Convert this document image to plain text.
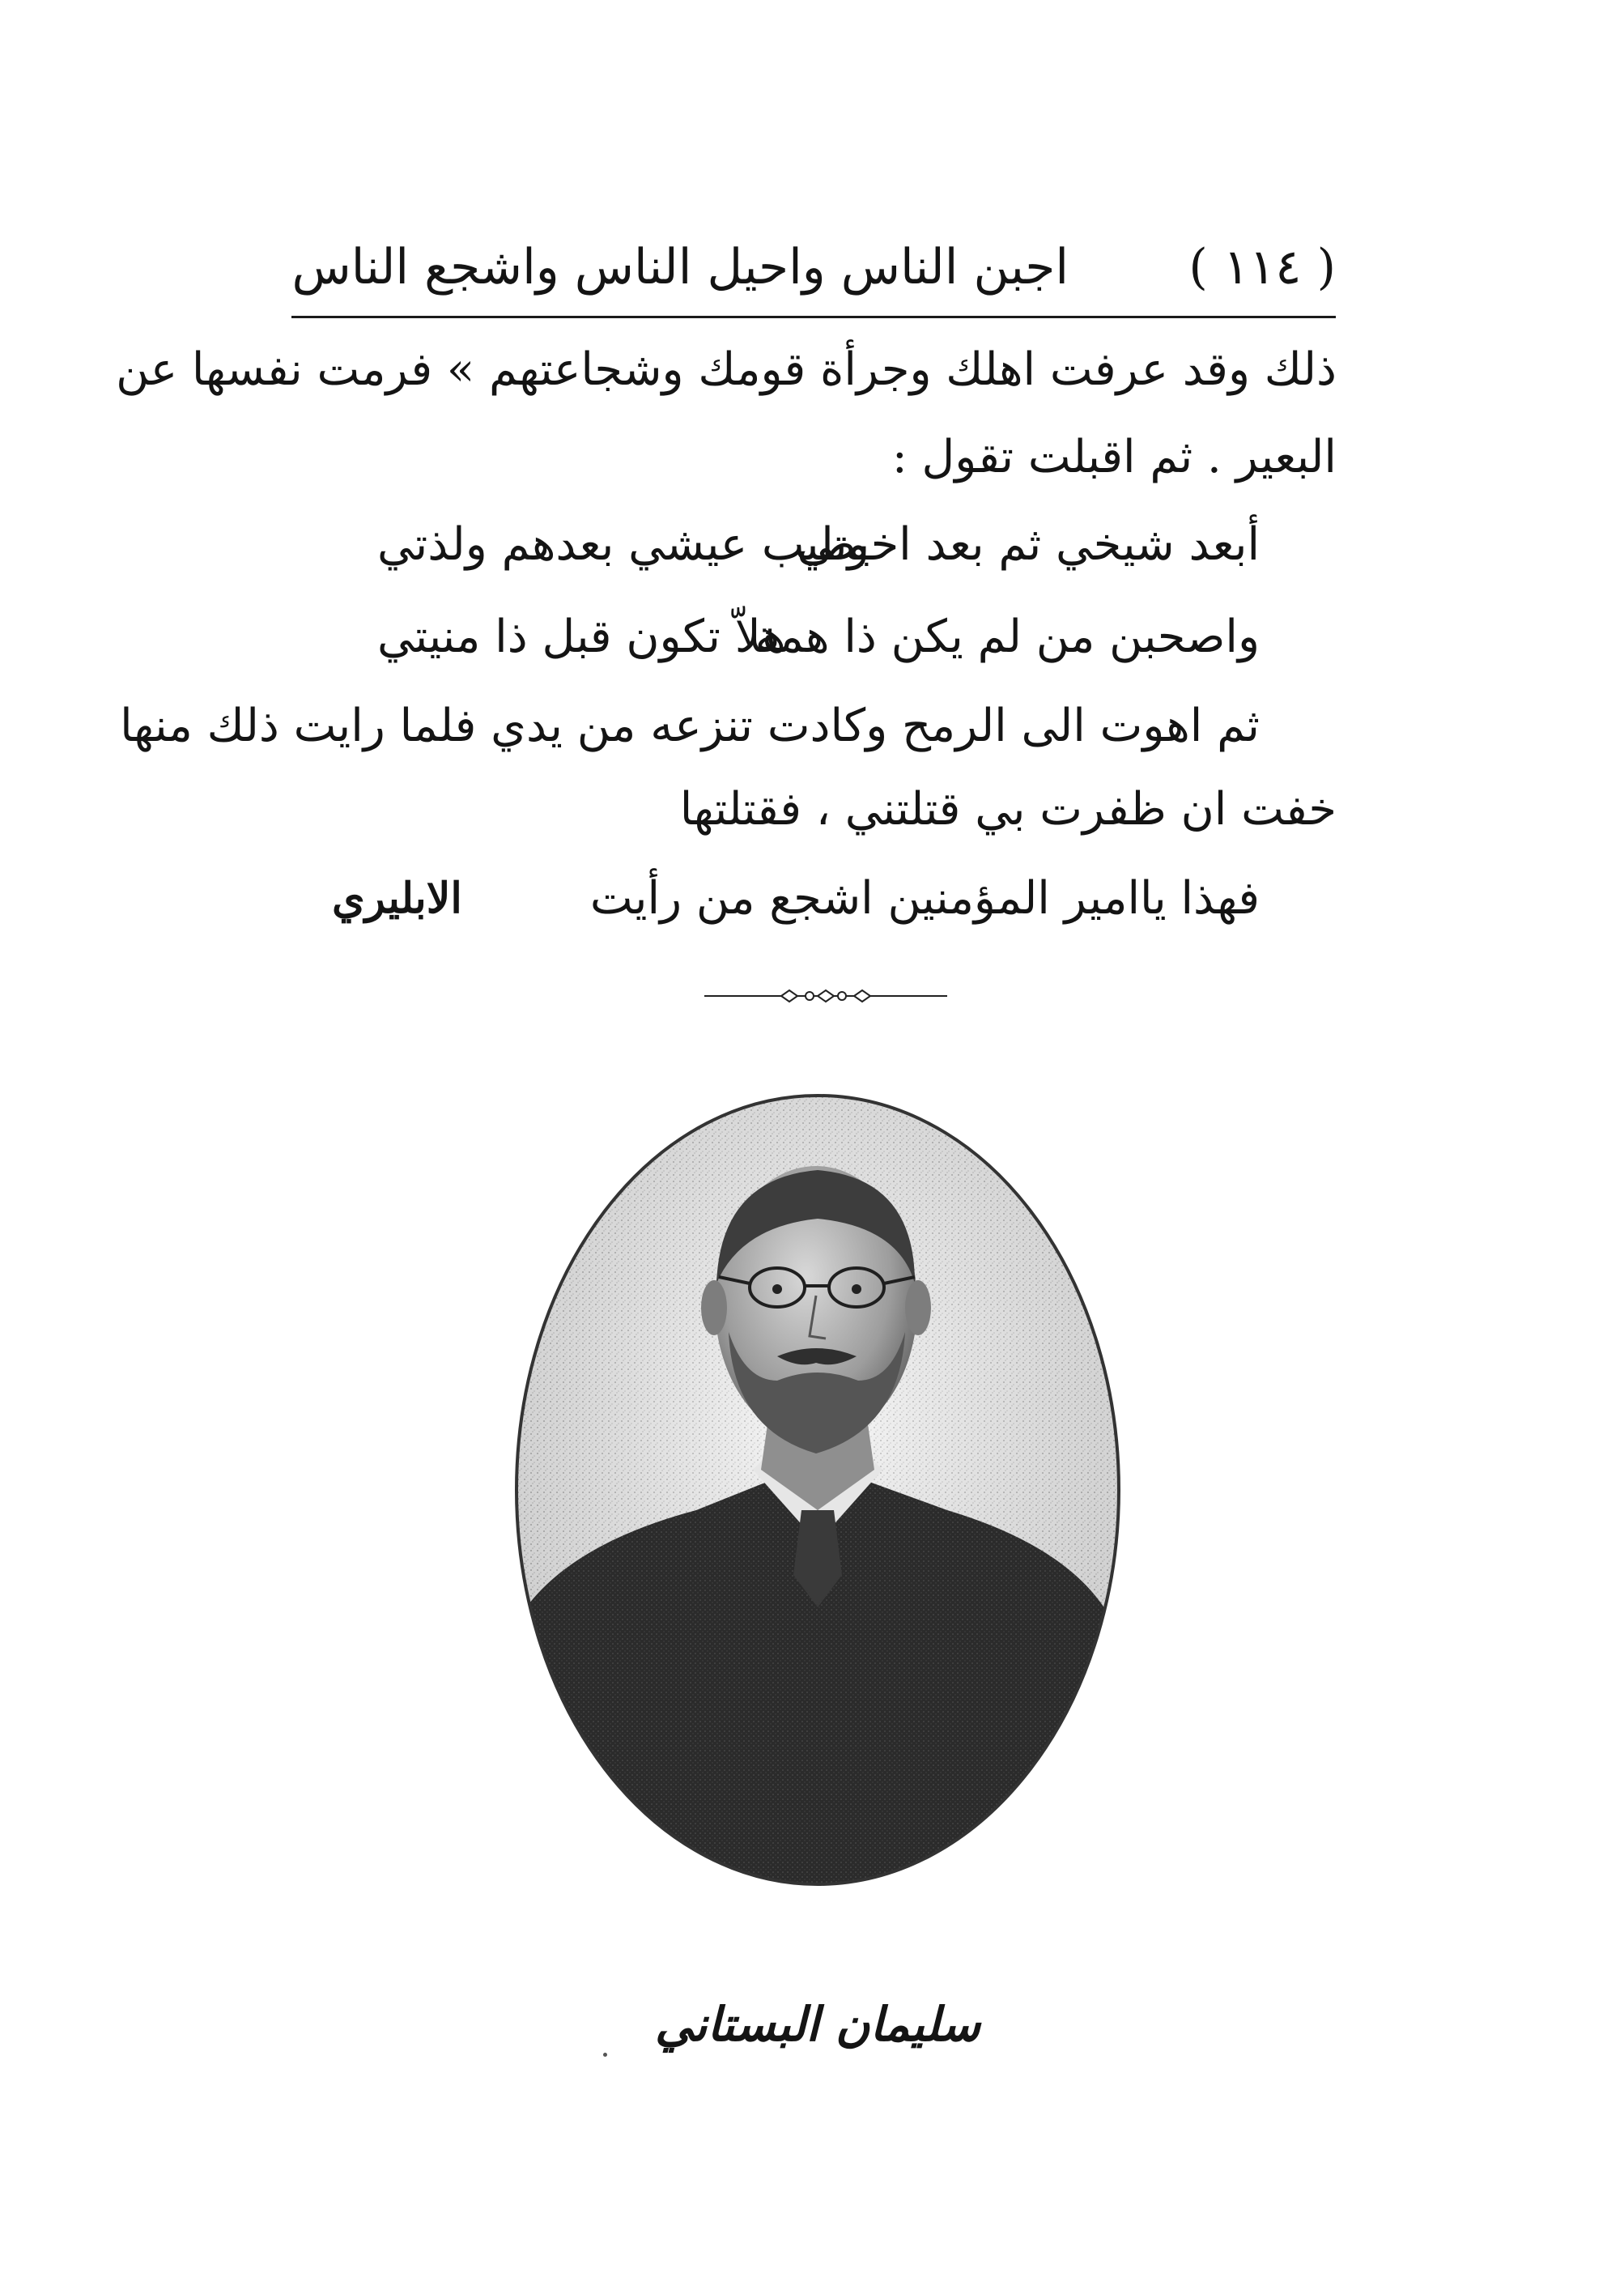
( ١١٤ )
اجبن الناس واحيل الناس واشجع الناس
ذلك وقد عرفت اهلك وجرأة قومك وشجاعتهم » فرمت نفسها عن
البعير . ثم اقبلت تقول :
أبعد شيخي ثم بعد اخوتي
يطيب عيشي بعدهم ولذتي
واصحبن من لم يكن ذا همة
هلاّ تكون قبل ذا منيتي
ثم اهوت الى الرمح وكادت تنزعه من يدي فلما رايت ذلك منها
خفت ان ظفرت بي قتلتني ، فقتلتها
فهذا ياامير المؤمنين اشجع من رأيت
الابليري
سليمان البستاني
